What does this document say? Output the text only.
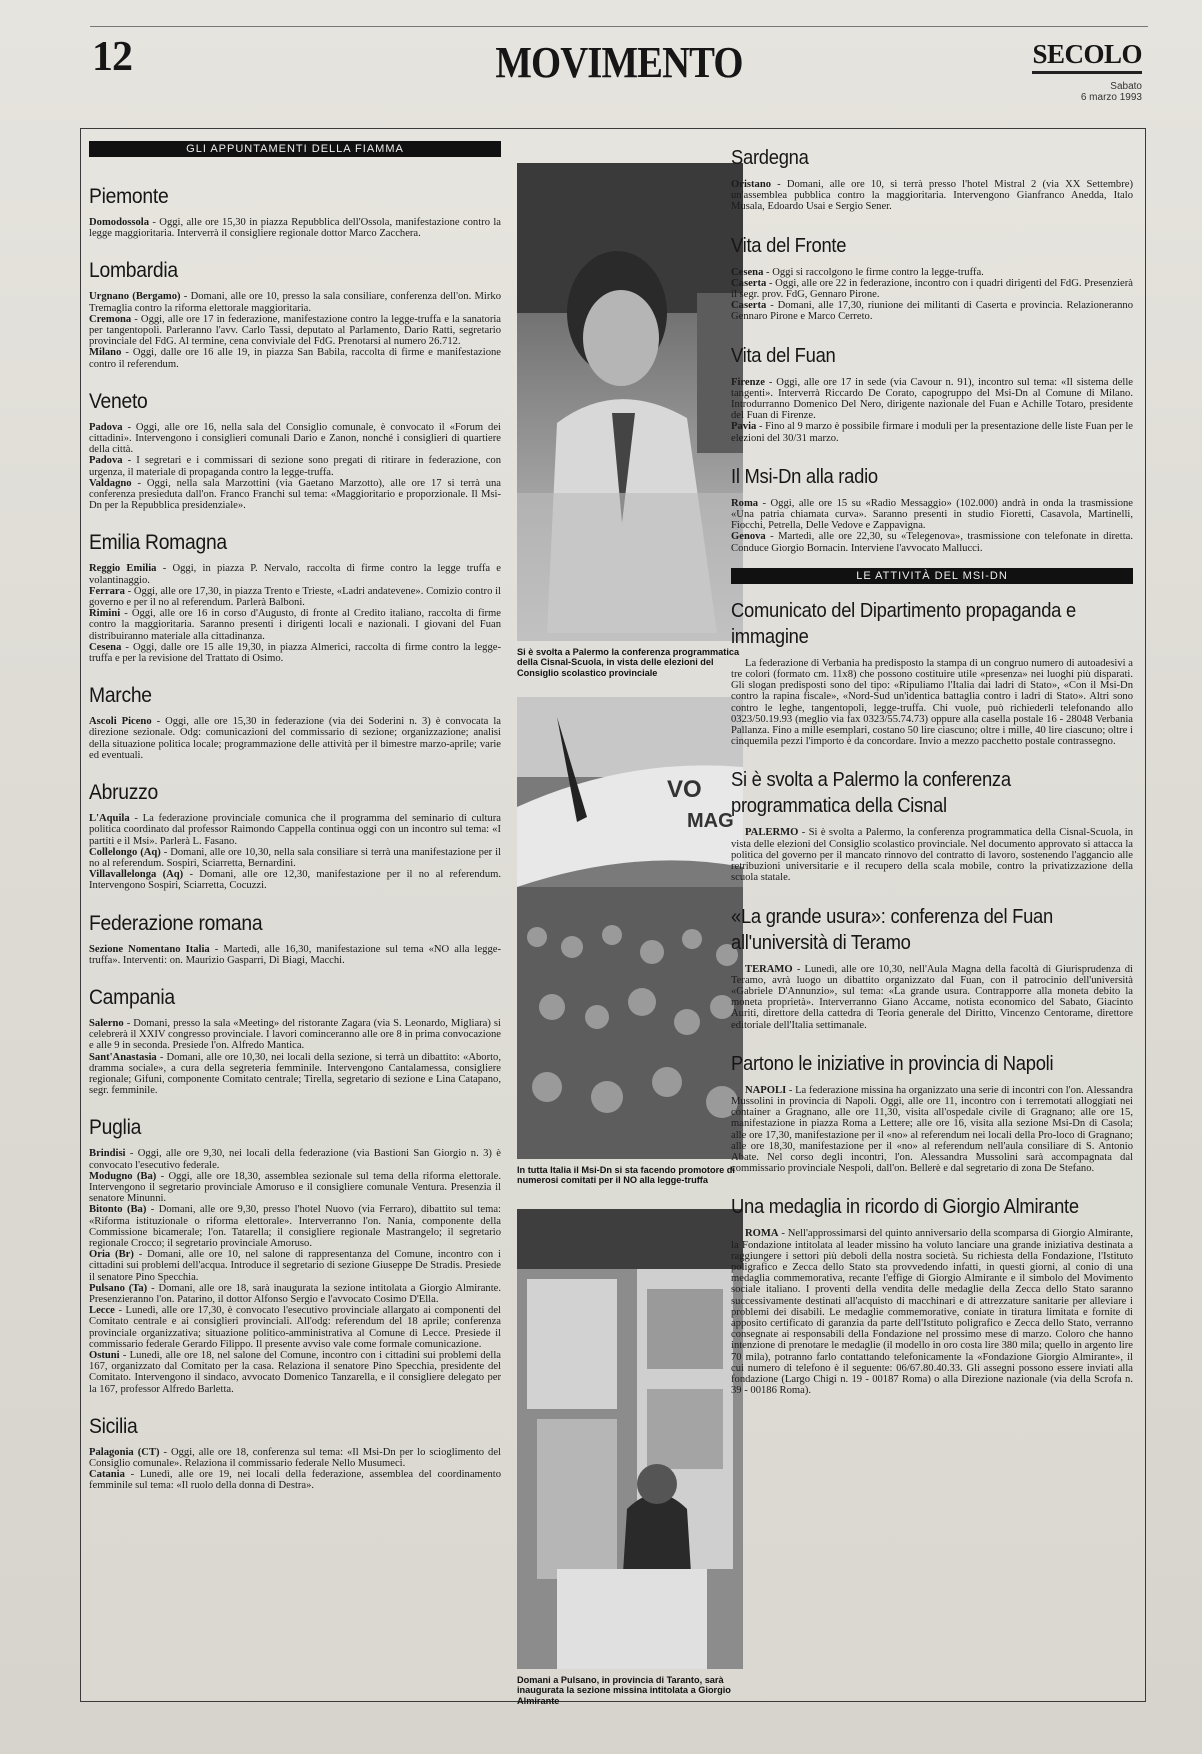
12	MOVIMENTO	SECOLO
Sabato
6 marzo 1993
GLI APPUNTAMENTI DELLA FIAMMA
Piemonte
Domodossola - Oggi, alle ore 15,30 in piazza Repubblica dell'Ossola, manifestazione contro la legge maggioritaria. Interverrà il consigliere regionale dottor Marco Zacchera.
Lombardia
Urgnano (Bergamo) - Domani, alle ore 10, presso la sala consiliare, conferenza dell'on. Mirko Tremaglia contro la riforma elettorale maggioritaria.
Cremona - Oggi, alle ore 17 in federazione, manifestazione contro la legge-truffa e la sanatoria per tangentopoli. Parleranno l'avv. Carlo Tassi, deputato al Parlamento, Dario Ratti, segretario provinciale del FdG. Al termine, cena conviviale del FdG. Prenotarsi al numero 26.712.
Milano - Oggi, dalle ore 16 alle 19, in piazza San Babila, raccolta di firme e manifestazione contro il referendum.
Veneto
Padova - Oggi, alle ore 16, nella sala del Consiglio comunale, è convocato il «Forum dei cittadini». Intervengono i consiglieri comunali Dario e Zanon, nonché i consiglieri di quartiere della città.
Padova - I segretari e i commissari di sezione sono pregati di ritirare in federazione, con urgenza, il materiale di propaganda contro la legge-truffa.
Valdagno - Oggi, nella sala Marzottini (via Gaetano Marzotto), alle ore 17 si terrà una conferenza presieduta dall'on. Franco Franchi sul tema: «Maggioritario e proporzionale. Il Msi-Dn per la Repubblica presidenziale».
Emilia Romagna
Reggio Emilia - Oggi, in piazza P. Nervalo, raccolta di firme contro la legge truffa e volantinaggio.
Ferrara - Oggi, alle ore 17,30, in piazza Trento e Trieste, «Ladri andatevene». Comizio contro il governo e per il no al referendum. Parlerà Balboni.
Rimini - Oggi, alle ore 16 in corso d'Augusto, di fronte al Credito italiano, raccolta di firme contro la maggioritaria. Saranno presenti i dirigenti locali e nazionali. I giovani del Fuan distribuiranno materiale alla cittadinanza.
Cesena - Oggi, dalle ore 15 alle 19,30, in piazza Almerici, raccolta di firme contro la legge-truffa e per la revisione del Trattato di Osimo.
Marche
Ascoli Piceno - Oggi, alle ore 15,30 in federazione (via dei Soderini n. 3) è convocata la direzione sezionale. Odg: comunicazioni del commissario di sezione; organizzazione; analisi della situazione politica locale; programmazione delle attività per il bimestre marzo-aprile; varie ed eventuali.
Abruzzo
L'Aquila - La federazione provinciale comunica che il programma del seminario di cultura politica coordinato dal professor Raimondo Cappella continua oggi con un incontro sul tema: «I partiti e il Msi». Parlerà L. Fasano.
Collelongo (Aq) - Domani, alle ore 10,30, nella sala consiliare si terrà una manifestazione per il no al referendum. Sospiri, Sciarretta, Bernardini.
Villavallelonga (Aq) - Domani, alle ore 12,30, manifestazione per il no al referendum. Intervengono Sospiri, Sciarretta, Cocuzzi.
Federazione romana
Sezione Nomentano Italia - Martedì, alle 16,30, manifestazione sul tema «NO alla legge-truffa». Interventi: on. Maurizio Gasparri, Di Biagi, Macchi.
Campania
Salerno - Domani, presso la sala «Meeting» del ristorante Zagara (via S. Leonardo, Migliara) si celebrerà il XXIV congresso provinciale. I lavori cominceranno alle ore 8 in prima convocazione e alle 9 in seconda. Presiede l'on. Alfredo Mantica.
Sant'Anastasia - Domani, alle ore 10,30, nei locali della sezione, si terrà un dibattito: «Aborto, dramma sociale», a cura della segreteria femminile. Intervengono Cantalamessa, consigliere regionale; Gifuni, componente Comitato centrale; Tirella, segretario di sezione e Lina Catapano, segr. femminile.
Puglia
Brindisi - Oggi, alle ore 9,30, nei locali della federazione (via Bastioni San Giorgio n. 3) è convocato l'esecutivo federale.
Modugno (Ba) - Oggi, alle ore 18,30, assemblea sezionale sul tema della riforma elettorale. Intervengono il segretario provinciale Amoruso e il consigliere comunale Ventura. Presenzia il senatore Minunni.
Bitonto (Ba) - Domani, alle ore 9,30, presso l'hotel Nuovo (via Ferraro), dibattito sul tema: «Riforma istituzionale o riforma elettorale». Interverranno l'on. Nania, componente della Commissione bicamerale; l'on. Tatarella; il consigliere regionale Mastrangelo; il segretario regionale Crocco; il segretario provinciale Amoruso.
Oria (Br) - Domani, alle ore 10, nel salone di rappresentanza del Comune, incontro con i cittadini sui problemi dell'acqua. Introduce il segretario di sezione Giuseppe De Stradis. Presiede il senatore Pino Specchia.
Pulsano (Ta) - Domani, alle ore 18, sarà inaugurata la sezione intitolata a Giorgio Almirante. Presenzieranno l'on. Patarino, il dottor Alfonso Sergio e l'avvocato Cosimo D'Ella.
Lecce - Lunedì, alle ore 17,30, è convocato l'esecutivo provinciale allargato ai componenti del Comitato centrale e ai consiglieri provinciali. All'odg: referendum del 18 aprile; conferenza provinciale organizzativa; situazione politico-amministrativa al Comune di Lecce. Presiede il commissario federale Gerardo Filippo. Il presente avviso vale come formale comunicazione.
Ostuni - Lunedì, alle ore 18, nel salone del Comune, incontro con i cittadini sui problemi della 167, organizzato dal Comitato per la casa. Relaziona il senatore Pino Specchia, presidente del Comitato. Intervengono il sindaco, avvocato Domenico Tanzarella, e il consigliere delegato per la 167, professor Alfredo Barletta.
Sicilia
Palagonia (CT) - Oggi, alle ore 18, conferenza sul tema: «Il Msi-Dn per lo scioglimento del Consiglio comunale». Relaziona il commissario federale Nello Musumeci.
Catania - Lunedì, alle ore 19, nei locali della federazione, assemblea del coordinamento femminile sul tema: «Il ruolo della donna di Destra».
Si è svolta a Palermo la conferenza programmatica della Cisnal-Scuola, in vista delle elezioni del Consiglio scolastico provinciale
VO
MAG
In tutta Italia il Msi-Dn si sta facendo promotore di numerosi comitati per il NO alla legge-truffa
Domani a Pulsano, in provincia di Taranto, sarà inaugurata la sezione missina intitolata a Giorgio Almirante
Sardegna
Oristano - Domani, alle ore 10, si terrà presso l'hotel Mistral 2 (via XX Settembre) un'assemblea pubblica contro la maggioritaria. Intervengono Gianfranco Anedda, Italo Musala, Edoardo Usai e Sergio Sener.
Vita del Fronte
Cesena - Oggi si raccolgono le firme contro la legge-truffa.
Caserta - Oggi, alle ore 22 in federazione, incontro con i quadri dirigenti del FdG. Presenzierà il segr. prov. FdG, Gennaro Pirone.
Caserta - Domani, alle 17,30, riunione dei militanti di Caserta e provincia. Relazioneranno Gennaro Pirone e Marco Cerreto.
Vita del Fuan
Firenze - Oggi, alle ore 17 in sede (via Cavour n. 91), incontro sul tema: «Il sistema delle tangenti». Interverrà Riccardo De Corato, capogruppo del Msi-Dn al Comune di Milano. Introdurranno Domenico Del Nero, dirigente nazionale del Fuan e Achille Totaro, presidente del Fuan di Firenze.
Pavia - Fino al 9 marzo è possibile firmare i moduli per la presentazione delle liste Fuan per le elezioni del 30/31 marzo.
Il Msi-Dn alla radio
Roma - Oggi, alle ore 15 su «Radio Messaggio» (102.000) andrà in onda la trasmissione «Una patria chiamata curva». Saranno presenti in studio Fioretti, Casavola, Martinelli, Fiocchi, Petrella, Delle Vedove e Zappavigna.
Genova - Martedì, alle ore 22,30, su «Telegenova», trasmissione con telefonate in diretta. Conduce Giorgio Bornacin. Interviene l'avvocato Mallucci.
LE ATTIVITÀ DEL MSI-DN
Comunicato del Dipartimento propaganda e immagine
La federazione di Verbania ha predisposto la stampa di un congruo numero di autoadesivi a tre colori (formato cm. 11x8) che possono costituire utile «presenza» nei luoghi più disparati. Gli slogan predisposti sono del tipo: «Ripuliamo l'Italia dai ladri di Stato», «Con il Msi-Dn contro la rapina fiscale», «Nord-Sud un'identica battaglia contro i ladri di Stato». Altri sono contro le leghe, tangentopoli, legge-truffa. Chi vuole, può richiederli telefonando allo 0323/50.19.93 (meglio via fax 0323/55.74.73) oppure alla casella postale 16 - 28048 Verbania Pallanza. Fino a mille esemplari, costano 50 lire ciascuno; oltre i mille, 40 lire ciascuno; oltre i cinquemila pezzi l'importo è da concordare. Invio a mezzo pacchetto postale contrassegno.
Si è svolta a Palermo la conferenza programmatica della Cisnal
PALERMO - Si è svolta a Palermo, la conferenza programmatica della Cisnal-Scuola, in vista delle elezioni del Consiglio scolastico provinciale. Nel documento approvato si attacca la politica del governo per il mancato rinnovo del contratto di lavoro, sostenendo l'aggancio alle retribuzioni universitarie e il recupero della scala mobile, contro la privatizzazione della scuola statale.
«La grande usura»: conferenza del Fuan all'università di Teramo
TERAMO - Lunedì, alle ore 10,30, nell'Aula Magna della facoltà di Giurisprudenza di Teramo, avrà luogo un dibattito organizzato dal Fuan, con il patrocinio dell'università «Gabriele D'Annunzio», sul tema: «La grande usura. Contrapporre alla moneta debito la moneta proprietà». Interverranno Giano Accame, notista economico del Sabato, Giacinto Auriti, direttore della cattedra di Teoria generale del Diritto, Vincenzo Centorame, direttore editoriale dell'Italia settimanale.
Partono le iniziative in provincia di Napoli
NAPOLI - La federazione missina ha organizzato una serie di incontri con l'on. Alessandra Mussolini in provincia di Napoli. Oggi, alle ore 11, incontro con i terremotati alloggiati nei container a Gragnano, alle ore 11,30, visita all'ospedale civile di Gragnano; alle ore 15, manifestazione in piazza Roma a Lettere; alle ore 16, visita alla sezione Msi-Dn di Casola; alle ore 17,30, manifestazione per il «no» al referendum nei locali della Pro-loco di Gragnano; alle ore 18,30, manifestazione per il «no» al referendum nell'aula consiliare di S. Antonio Abate. Nel corso degli incontri, l'on. Alessandra Mussolini sarà accompagnata dal commissario provinciale Nespoli, dall'on. Bellerè e dal segretario di zona De Stefano.
Una medaglia in ricordo di Giorgio Almirante
ROMA - Nell'approssimarsi del quinto anniversario della scomparsa di Giorgio Almirante, la Fondazione intitolata al leader missino ha voluto lanciare una grande iniziativa destinata a raggiungere i settori più deboli della nostra società. Su richiesta della Fondazione, l'Istituto poligrafico e Zecca dello Stato sta provvedendo infatti, in questi giorni, al conio di una medaglia commemorativa, recante l'effige di Giorgio Almirante e il simbolo del Movimento sociale italiano. I proventi della vendita delle medaglie della Zecca dello Stato saranno successivamente destinati all'acquisto di macchinari e di attrezzature sanitarie per alleviare i problemi dei disabili. Le medaglie commemorative, coniate in tiratura limitata e fornite di apposito certificato di garanzia da parte dell'Istituto poligrafico e Zecca dello Stato, verranno consegnate ai responsabili della Fondazione nel prossimo mese di marzo. Coloro che hanno intenzione di prenotare le medaglie (il modello in oro costa lire 380 mila; quello in argento lire 70 mila), potranno farlo contattando telefonicamente la «Fondazione Giorgio Almirante», il cui numero di telefono è il seguente: 06/67.80.40.33. Gli assegni possono essere inviati alla fondazione (Largo Chigi n. 19 - 00187 Roma) o alla Direzione nazionale (via della Scrofa n. 39 - 00186 Roma).
